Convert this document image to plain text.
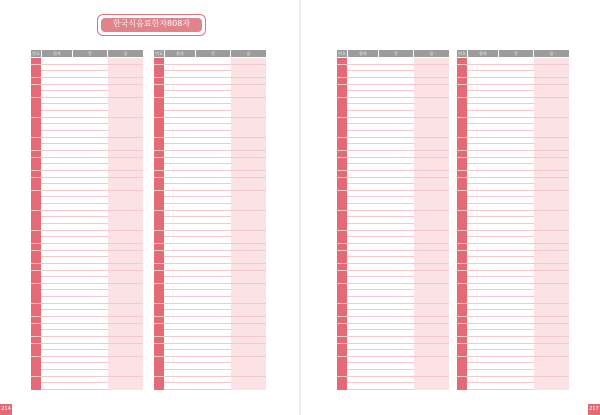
한국식음료한자808자
번호	한자	뜻	음	번호	한자	뜻	음
214
번호	한자	뜻	음	번호	한자	뜻	음
217
